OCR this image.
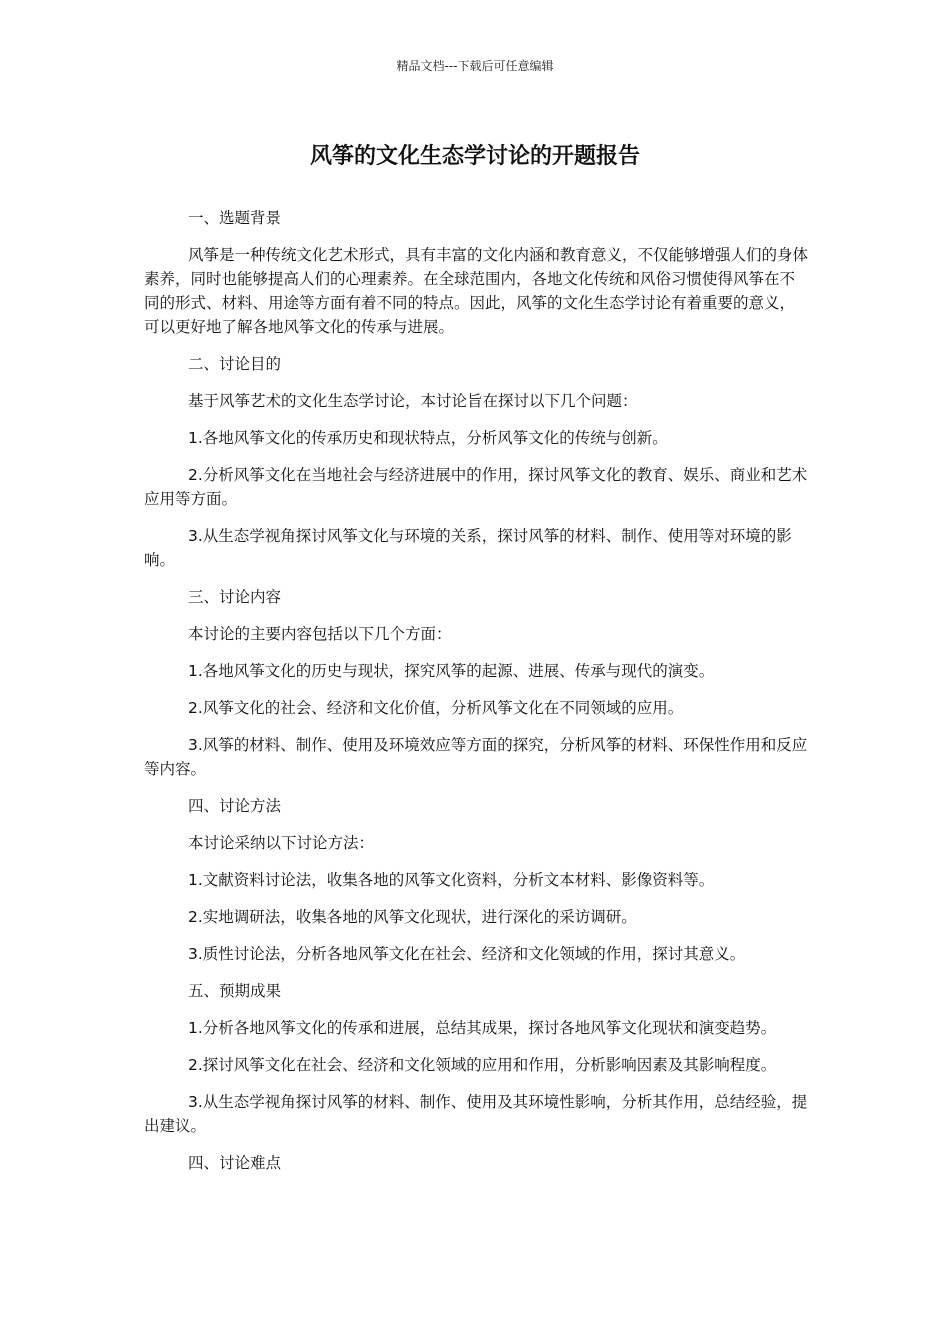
精品文档---下载后可任意编辑
风筝的文化生态学讨论的开题报告
一、选题背景
风筝是一种传统文化艺术形式，具有丰富的文化内涵和教育意义，不仅能够增强人们的身体素养，同时也能够提高人们的心理素养。在全球范围内，各地文化传统和风俗习惯使得风筝在不同的形式、材料、用途等方面有着不同的特点。因此，风筝的文化生态学讨论有着重要的意义，可以更好地了解各地风筝文化的传承与进展。
二、讨论目的
基于风筝艺术的文化生态学讨论，本讨论旨在探讨以下几个问题：
1.各地风筝文化的传承历史和现状特点，分析风筝文化的传统与创新。
2.分析风筝文化在当地社会与经济进展中的作用，探讨风筝文化的教育、娱乐、商业和艺术应用等方面。
3.从生态学视角探讨风筝文化与环境的关系，探讨风筝的材料、制作、使用等对环境的影响。
三、讨论内容
本讨论的主要内容包括以下几个方面：
1.各地风筝文化的历史与现状，探究风筝的起源、进展、传承与现代的演变。
2.风筝文化的社会、经济和文化价值，分析风筝文化在不同领域的应用。
3.风筝的材料、制作、使用及环境效应等方面的探究，分析风筝的材料、环保性作用和反应等内容。
四、讨论方法
本讨论采纳以下讨论方法：
1.文献资料讨论法，收集各地的风筝文化资料，分析文本材料、影像资料等。
2.实地调研法，收集各地的风筝文化现状，进行深化的采访调研。
3.质性讨论法，分析各地风筝文化在社会、经济和文化领域的作用，探讨其意义。
五、预期成果
1.分析各地风筝文化的传承和进展，总结其成果，探讨各地风筝文化现状和演变趋势。
2.探讨风筝文化在社会、经济和文化领域的应用和作用，分析影响因素及其影响程度。
3.从生态学视角探讨风筝的材料、制作、使用及其环境性影响，分析其作用，总结经验，提出建议。
四、讨论难点
